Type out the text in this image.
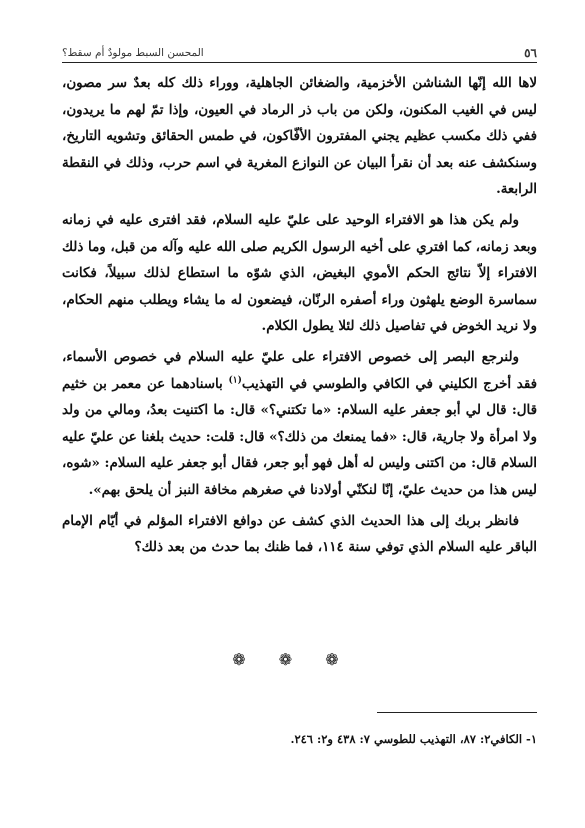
٥٦
المحسن السبط مولودٌ أم سقط؟

لاها الله إنّها الشناشن الأخزمية، والضغائن الجاهلية، ووراء ذلك كله بعدٌ سر مصون، ليس في الغيب المكنون، ولكن من باب ذر الرماد في العيون، وإذا تمّ لهم ما يريدون، ففي ذلك مكسب عظيم يجني المفترون الأفّاكون، في طمس الحقائق وتشويه التاريخ، وسنكشف عنه بعد أن نقرأ البيان عن النوازع المغرية في اسم حرب، وذلك في النقطة الرابعة.

ولم يكن هذا هو الافتراء الوحيد على عليّ عليه السلام، فقد افترى عليه في زمانه وبعد زمانه، كما افتري على أخيه الرسول الكريم صلى الله عليه وآله من قبل، وما ذلك الافتراء إلاّ نتائج الحكم الأموي البغيض، الذي شوّه ما استطاع لذلك سبيلاً، فكانت سماسرة الوضع يلهثون وراء أصفره الرنّان، فيضعون له ما يشاء ويطلب منهم الحكام، ولا نريد الخوض في تفاصيل ذلك لئلا يطول الكلام.

ولنرجع البصر إلى خصوص الافتراء على عليّ عليه السلام في خصوص الأسماء، فقد أخرج الكليني في الكافي والطوسي في التهذيب$^{(١)}$ باسنادهما عن معمر بن خثيم قال: قال لي أبو جعفر عليه السلام: «ما تكتني؟» قال: ما اكتنيت بعدُ، ومالي من ولد ولا امرأة ولا جارية، قال: «فما يمنعك من ذلك؟» قال: قلت: حديث بلغنا عن عليّ عليه السلام قال: من اكتنى وليس له أهل فهو أبو جعر، فقال أبو جعفر عليه السلام: «شوه، ليس هذا من حديث عليّ، إنّا لنكنّي أولادنا في صغرهم مخافة النبز أن يلحق بهم».

فانظر بربك إلى هذا الحديث الذي كشف عن دوافع الافتراء المؤلم في أيّام الإمام الباقر عليه السلام الذي توفي سنة ١١٤، فما ظنك بما حدث من بعد ذلك؟

❁ ❁ ❁
١- الكافي٢: ٨٧، التهذيب للطوسي ٧: ٤٣٨ و٢: ٢٤٦.
